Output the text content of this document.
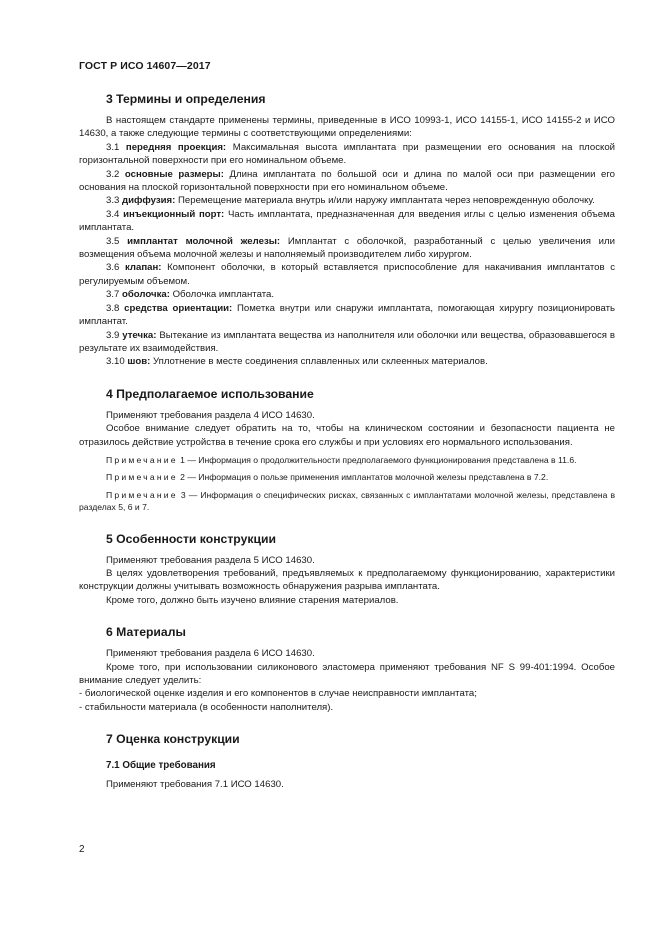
ГОСТ Р ИСО 14607—2017
3 Термины и определения

В настоящем стандарте применены термины, приведенные в ИСО 10993-1, ИСО 14155-1, ИСО 14155-2 и ИСО 14630, а также следующие термины с соответствующими определениями:

3.1 передняя проекция: Максимальная высота имплантата при размещении его основания на плоской горизонтальной поверхности при его номинальном объеме.

3.2 основные размеры: Длина имплантата по большой оси и длина по малой оси при размещении его основания на плоской горизонтальной поверхности при его номинальном объеме.

3.3 диффузия: Перемещение материала внутрь и/или наружу имплантата через неповрежденную оболочку.

3.4 инъекционный порт: Часть имплантата, предназначенная для введения иглы с целью изменения объема имплантата.

3.5 имплантат молочной железы: Имплантат с оболочкой, разработанный с целью увеличения или возмещения объема молочной железы и наполняемый производителем либо хирургом.

3.6 клапан: Компонент оболочки, в который вставляется приспособление для накачивания имплантатов с регулируемым объемом.

3.7 оболочка: Оболочка имплантата.

3.8 средства ориентации: Пометка внутри или снаружи имплантата, помогающая хирургу позиционировать имплантат.

3.9 утечка: Вытекание из имплантата вещества из наполнителя или оболочки или вещества, образовавшегося в результате их взаимодействия.

3.10 шов: Уплотнение в месте соединения сплавленных или склеенных материалов.

4 Предполагаемое использование

Применяют требования раздела 4 ИСО 14630.

Особое внимание следует обратить на то, чтобы на клиническом состоянии и безопасности пациента не отразилось действие устройства в течение срока его службы и при условиях его нормального использования.

Примечание 1 — Информация о продолжительности предполагаемого функционирования представлена в 11.6.

Примечание 2 — Информация о пользе применения имплантатов молочной железы представлена в 7.2.

Примечание 3 — Информация о специфических рисках, связанных с имплантатами молочной железы, представлена в разделах 5, 6 и 7.

5 Особенности конструкции

Применяют требования раздела 5 ИСО 14630.

В целях удовлетворения требований, предъявляемых к предполагаемому функционированию, характеристики конструкции должны учитывать возможность обнаружения разрыва имплантата.

Кроме того, должно быть изучено влияние старения материалов.

6 Материалы

Применяют требования раздела 6 ИСО 14630.

Кроме того, при использовании силиконового эластомера применяют требования NF S 99-401:1994. Особое внимание следует уделить:

- биологической оценке изделия и его компонентов в случае неисправности имплантата;

- стабильности материала (в особенности наполнителя).

7 Оценка конструкции
7.1 Общие требования

Применяют требования 7.1 ИСО 14630.

2
